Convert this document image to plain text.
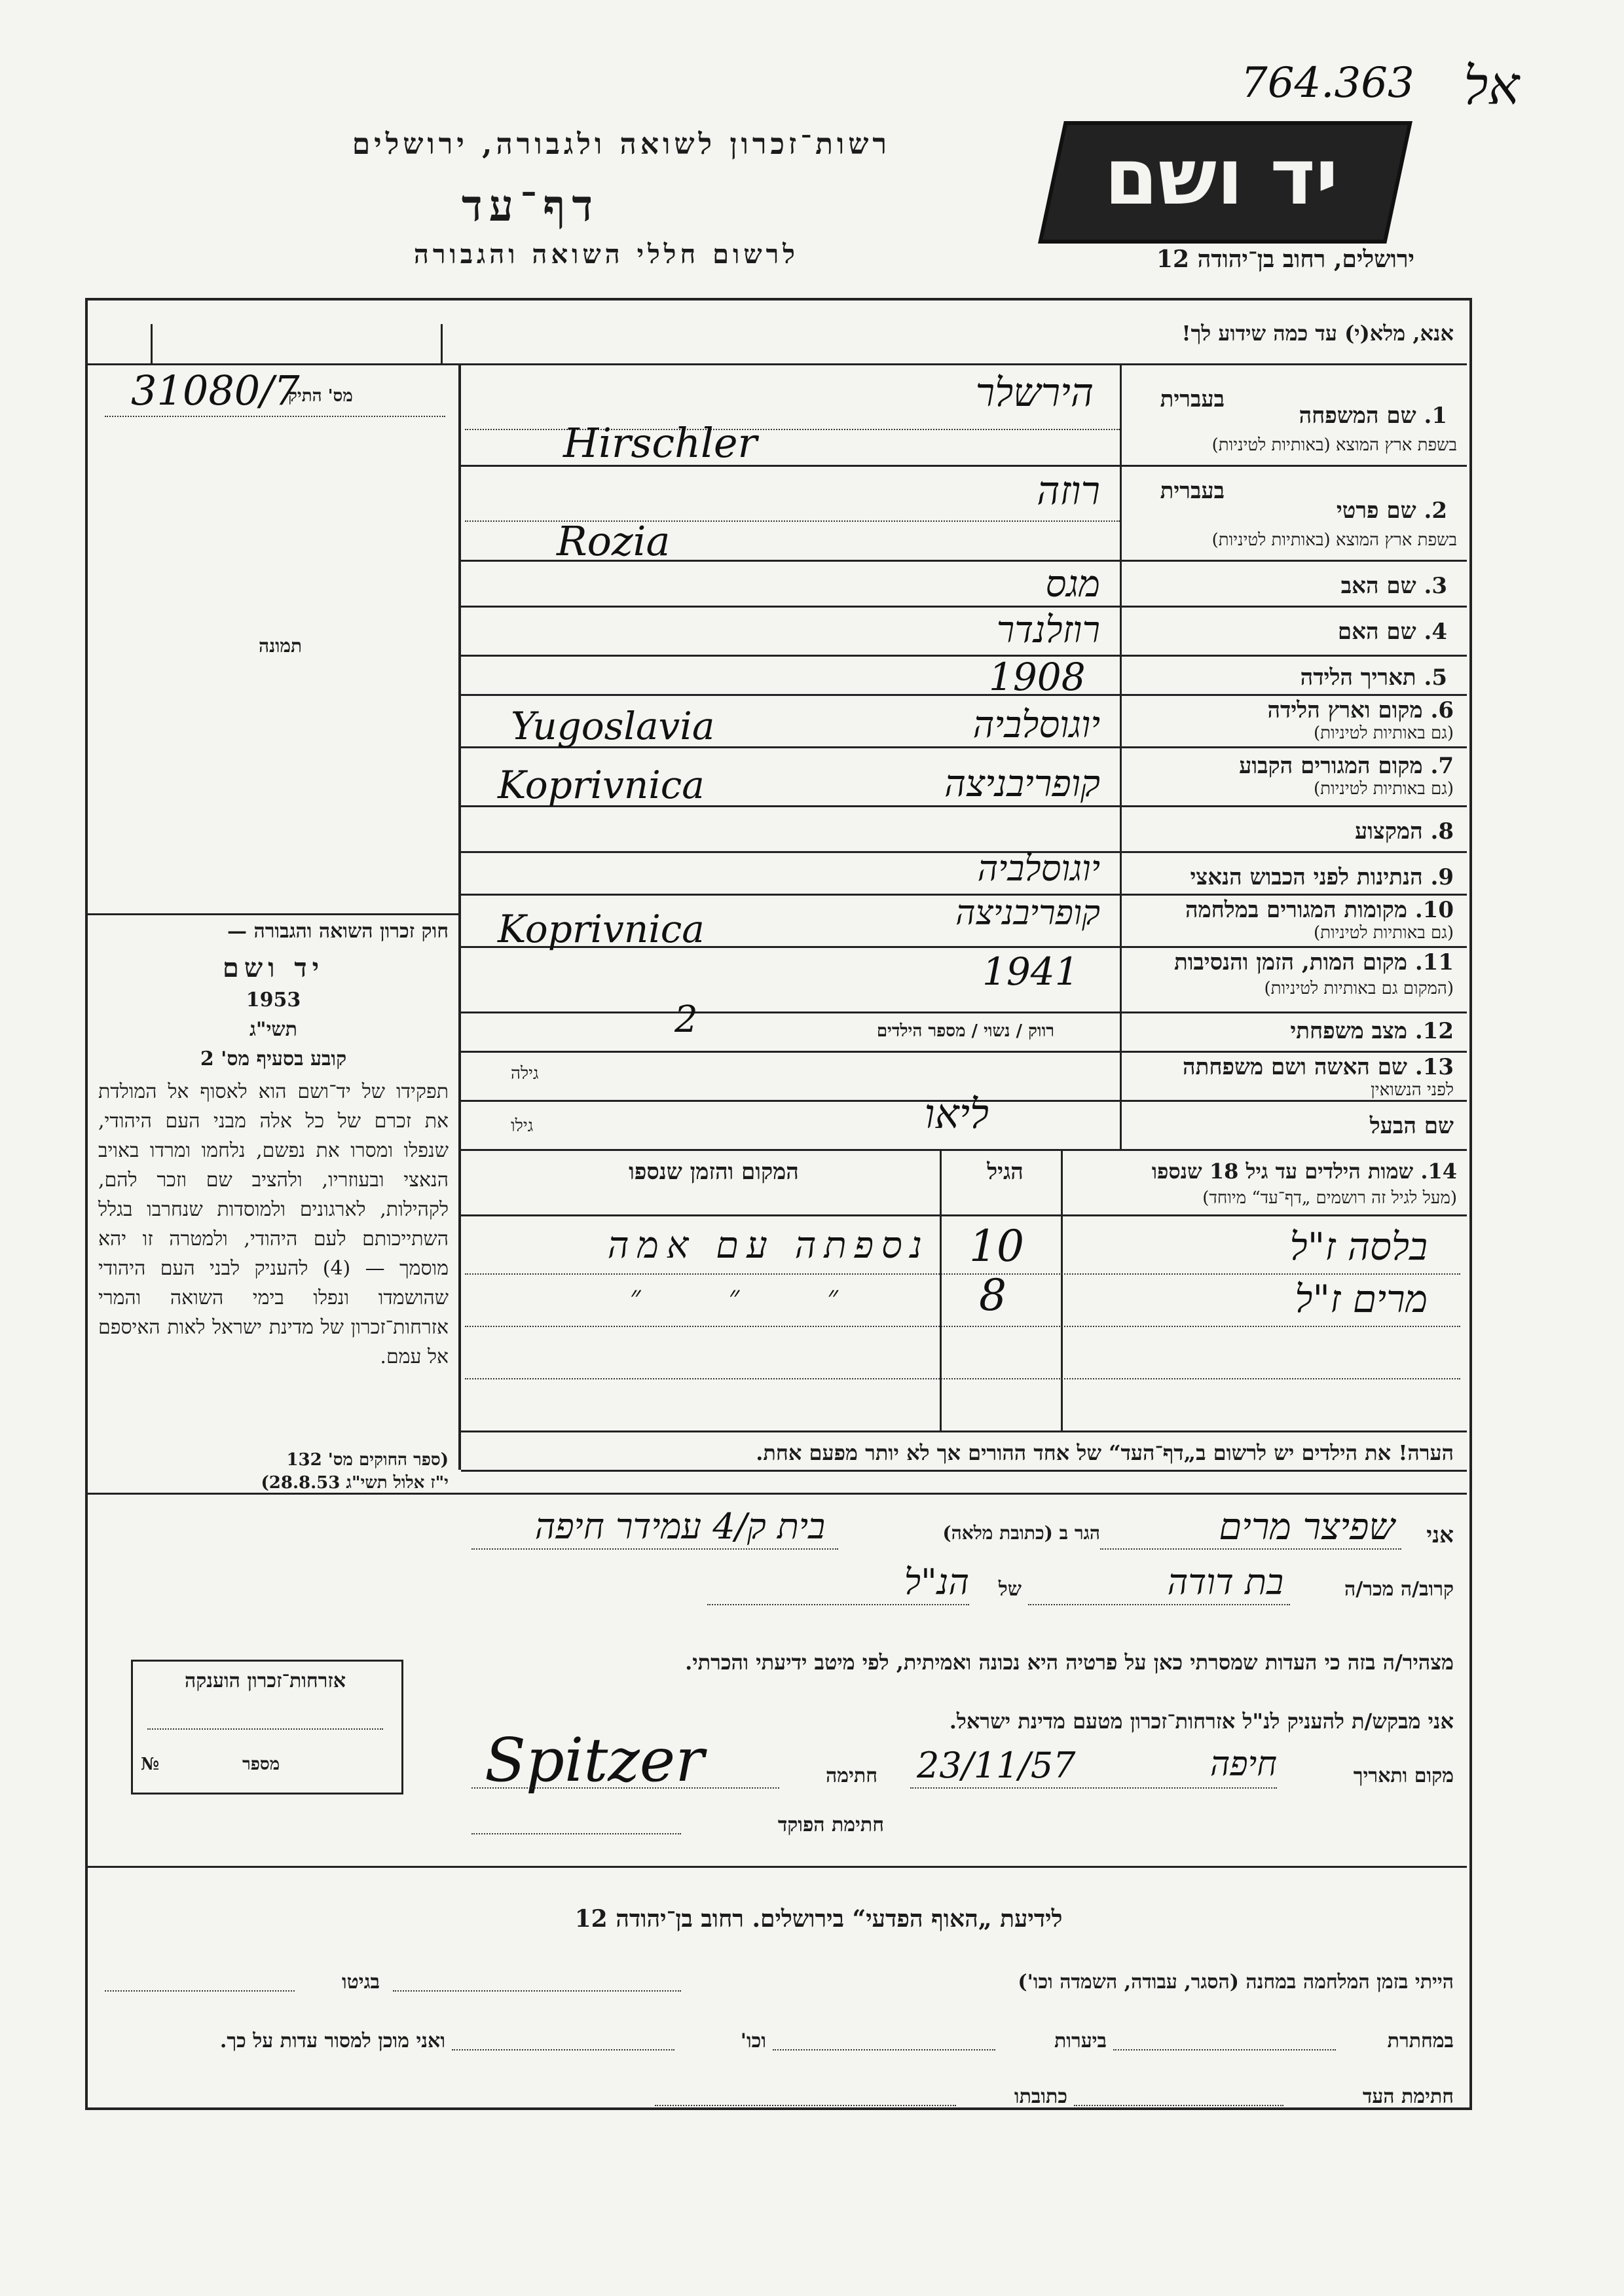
764.363 אל
רשות־זכרון לשואה ולגבורה, ירושלים
דף־עד
לרשום חללי השואה והגבורה
יד ושם
ירושלים, רחוב בן־יהודה 12
אנא, מלא(י) עד כמה שידוע לך!
מס' התיק
31080/7
תמונה
1. שם המשפחה
בשפת ארץ המוצא (באותיות לטיניות)
בעברית
הירשלר
Hirschler
2. שם פרטי
בשפת ארץ המוצא (באותיות לטיניות)
בעברית
רוזה
Rozia
3. שם האב
מגס
4. שם האם
רוזלנדר
5. תאריך הלידה
1908
6. מקום וארץ הלידה
(גם באותיות לטיניות)
יוגוסלביה
Yugoslavia
7. מקום המגורים הקבוע
(גם באותיות לטיניות)
קופריבניצה
Koprivnica
8. המקצוע
9. הנתינות לפני הכבוש הנאצי
יוגוסלביה
10. מקומות המגורים במלחמה
(גם באותיות לטיניות)
קופריבניצה
Koprivnica
11. מקום המות, הזמן והנסיבות
(המקום גם באותיות לטיניות)
1941
12. מצב משפחתי
רווק / נשוי / מספר הילדים
2
13. שם האשה ושם משפחתה
לפני הנשואין
גילה
שם הבעל
ליאו
גילו
14. שמות הילדים עד גיל 18 שנספו
(מעל לגיל זה רושמים „דף־עד“ מיוחד)
הגיל
המקום והזמן שנספו
בלסה ז"ל
10
נספתה עם אמה
מרים ז"ל
8
״ ״ ״
חוק זכרון השואה והגבורה —
יד ושם
1953
תשי"ג
קובע בסעיף מס' 2
תפקידו של יד־ושם הוא לאסוף אל המולדת את זכרם של כל אלה מבני העם היהודי, שנפלו ומסרו את נפשם, נלחמו ומרדו באויב הנאצי ובעוזריו, ולהציב שם וזכר להם, לקהילות, לארגונים ולמוסדות שנחרבו בגלל השתייכותם לעם היהודי, ולמטרה זו יהא מוסמך — (4) להעניק לבני העם היהודי שהושמדו ונפלו בימי השואה והמרי אזרחות־זכרון של מדינת ישראל לאות האיספם אל עמם.
(ספר החוקים מס' 132
י"ז אלול תשי"ג 28.8.53)
הערה! את הילדים יש לרשום ב„דף־העד“ של אחד ההורים אך לא יותר מפעם אחת.
אני
שפיצר מרים
הגר ב (כתובת מלאה)
בית ק/4 עמידר חיפה
קרוב/ה מכר/ה
בת דודה
של
הנ"ל
מצהיר/ה בזה כי העדות שמסרתי כאן על פרטיה היא נכונה ואמיתית, לפי מיטב ידיעתי והכרתי.
אני מבקש/ת להעניק לנ"ל אזרחות־זכרון מטעם מדינת ישראל.
מקום ותאריך
חיפה
23/11/57
חתימה
Spitzer
חתימת הפוקד
אזרחות־זכרון הוענקה
מספר
№
לידיעת „האוף הפדעי“ בירושלים. רחוב בן־יהודה 12
הייתי בזמן המלחמה במחנה (הסגר, עבודה, השמדה וכו')
בגיטו
במחתרת
ביערות
וכו'
ואני מוכן למסור עדות על כך.
חתימת העד
כתובתו
